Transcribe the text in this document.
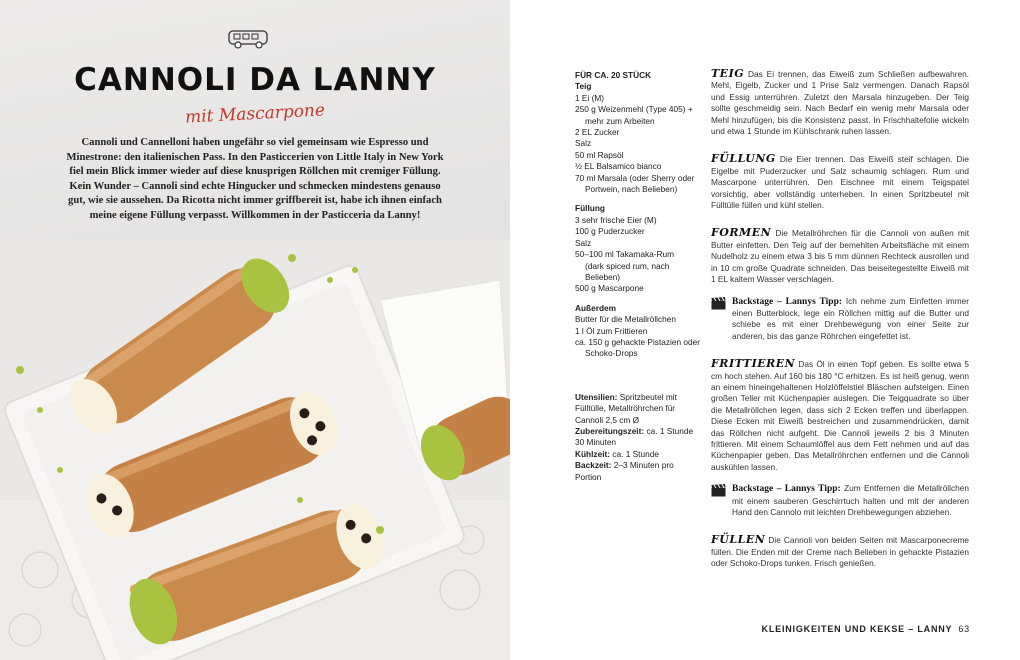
CANNOLI DA LANNY
mit Mascarpone

Cannoli und Cannelloni haben ungefähr so viel gemeinsam wie Espresso und Minestrone: den italienischen Pass. In den Pasticcerien von Little Italy in New York fiel mein Blick immer wieder auf diese knusprigen Röllchen mit cremiger Füllung. Kein Wunder – Cannoli sind echte Hingucker und schmecken mindestens genauso gut, wie sie aussehen. Da Ricotta nicht immer griffbereit ist, habe ich ihnen einfach meine eigene Füllung verpasst. Willkommen in der Pasticceria da Lanny!

FÜR CA. 20 STÜCK
Teig
1 Ei (M)
250 g Weizenmehl (Type 405) +
mehr zum Arbeiten
2 EL Zucker
Salz
50 ml Rapsöl
½ EL Balsamico bianco
70 ml Marsala (oder Sherry oder
Portwein, nach Belieben)
Füllung
3 sehr frische Eier (M)
100 g Puderzucker
Salz
50–100 ml Takamaka-Rum
(dark spiced rum, nach Belieben)
500 g Mascarpone
Außerdem
Butter für die Metallröllchen
1 l Öl zum Frittieren
ca. 150 g gehackte Pistazien oder
Schoko-Drops
Utensilien: Spritzbeutel mit Fülltülle, Metallröhrchen für Cannoli 2,5 cm Ø
Zubereitungszeit: ca. 1 Stunde 30 Minuten
Kühlzeit: ca. 1 Stunde
Backzeit: 2–3 Minuten pro Portion

TEIG Das Ei trennen, das Eiweiß zum Schließen aufbewahren. Mehl, Eigelb, Zucker und 1 Prise Salz vermengen. Danach Rapsöl und Essig unterrühren. Zuletzt den Marsala hinzugeben. Der Teig sollte geschmeidig sein. Nach Bedarf ein wenig mehr Marsala oder Mehl hinzufügen, bis die Konsistenz passt. In Frischhaltefolie wickeln und etwa 1 Stunde im Kühlschrank ruhen lassen.

FÜLLUNG Die Eier trennen. Das Eiweiß steif schlagen. Die Eigelbe mit Puderzucker und Salz schaumig schlagen. Rum und Mascarpone unterrühren. Den Eischnee mit einem Teigspatel vorsichtig, aber vollständig unterheben. In einen Spritzbeutel mit Fülltülle füllen und kühl stellen.

FORMEN Die Metallröhrchen für die Cannoli von außen mit Butter einfetten. Den Teig auf der bemehlten Arbeitsfläche mit einem Nudelholz zu einem etwa 3 bis 5 mm dünnen Rechteck ausrollen und in 10 cm große Quadrate schneiden. Das beiseitegestellte Eiweiß mit 1 EL kaltem Wasser verschlagen.

Backstage – Lannys Tipp: Ich nehme zum Einfetten immer einen Butterblock, lege ein Röllchen mittig auf die Butter und schiebe es mit einer Drehbewegung von einer Seite zur anderen, bis das ganze Röhrchen eingefettet ist.

FRITTIEREN Das Öl in einen Topf geben. Es sollte etwa 5 cm hoch stehen. Auf 160 bis 180 °C erhitzen. Es ist heiß genug, wenn an einem hineingehaltenen Holzlöffelstiel Bläschen aufsteigen. Einen großen Teller mit Küchenpapier auslegen. Die Teigquadrate so über die Metallröllchen legen, dass sich 2 Ecken treffen und überlappen. Diese Ecken mit Eiweiß bestreichen und zusammendrücken, damit das Röllchen nicht aufgeht. Die Cannoli jeweils 2 bis 3 Minuten frittieren. Mit einem Schaumlöffel aus dem Fett nehmen und auf das Küchenpapier geben. Das Metallröhrchen entfernen und die Cannoli auskühlen lassen.

Backstage – Lannys Tipp: Zum Entfernen die Metallröllchen mit einem sauberen Geschirrtuch halten und mit der anderen Hand den Cannolo mit leichten Drehbewegungen abziehen.

FÜLLEN Die Cannoli von beiden Seiten mit Mascarponecreme füllen. Die Enden mit der Creme nach Belieben in gehackte Pistazien oder Schoko-Drops tunken. Frisch genießen.

KLEINIGKEITEN UND KEKSE – LANNY 63
